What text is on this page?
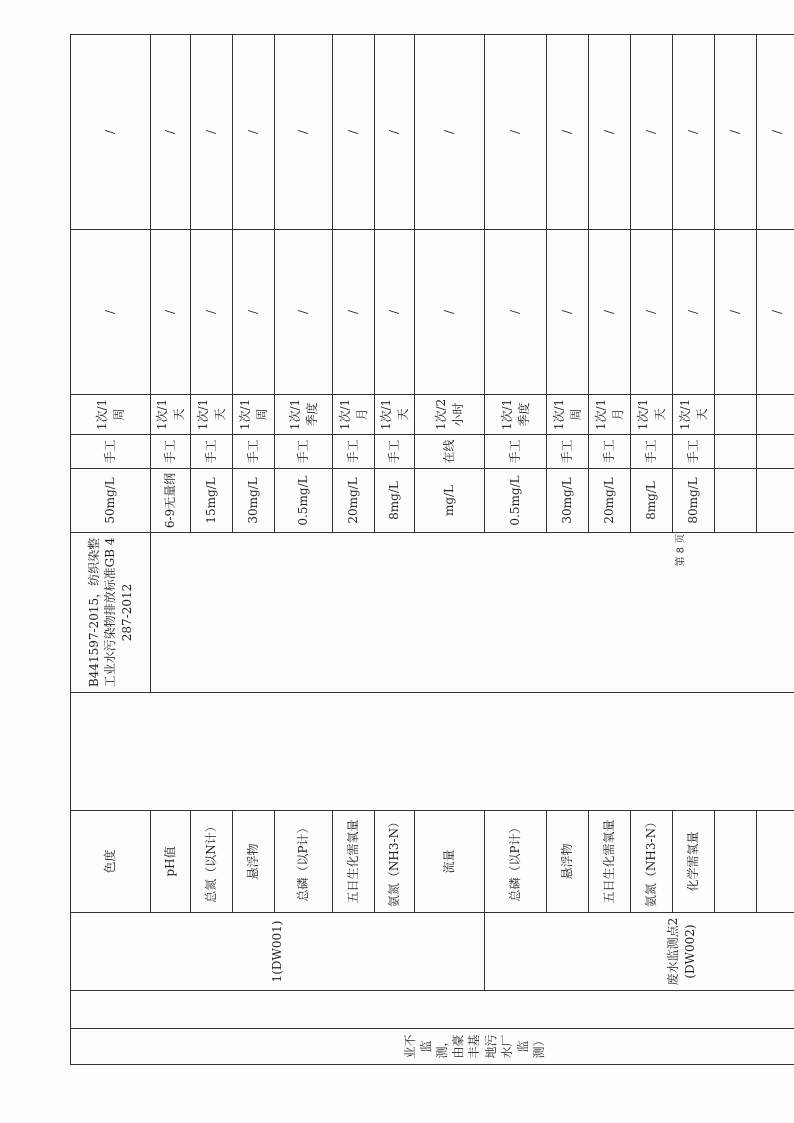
业不监测，由豪丰基地污水厂监测）		1(DW001)	色度		B441597-2015，纺织染整工业水污染物排放标准GB 4287-2012	50mg/L	手工	1次/1周	/	/

			pH值			6-9无量纲	手工	1次/1天	/	/
			总氮（以N计）			15mg/L	手工	1次/1天	/	/
			悬浮物			30mg/L	手工	1次/1周	/	/
			总磷（以P计）			0.5mg/L	手工	1次/1季度	/	/
			五日生化需氧量			20mg/L	手工	1次/1月	/	/
			氨氮（NH3-N）			8mg/L	手工	1次/1天	/	/
			流量			mg/L	在线	1次/2小时	/	/
		废水监测点2(DW002)	总磷（以P计）			0.5mg/L	手工	1次/1季度	/	/
			悬浮物			30mg/L	手工	1次/1周	/	/
			五日生化需氧量			20mg/L	手工	1次/1月	/	/
			氨氮（NH3-N）			8mg/L	手工	1次/1天	/	/
			化学需氧量			80mg/L	手工	1次/1天	/	/
									/	/
									/	/

第 8 页
